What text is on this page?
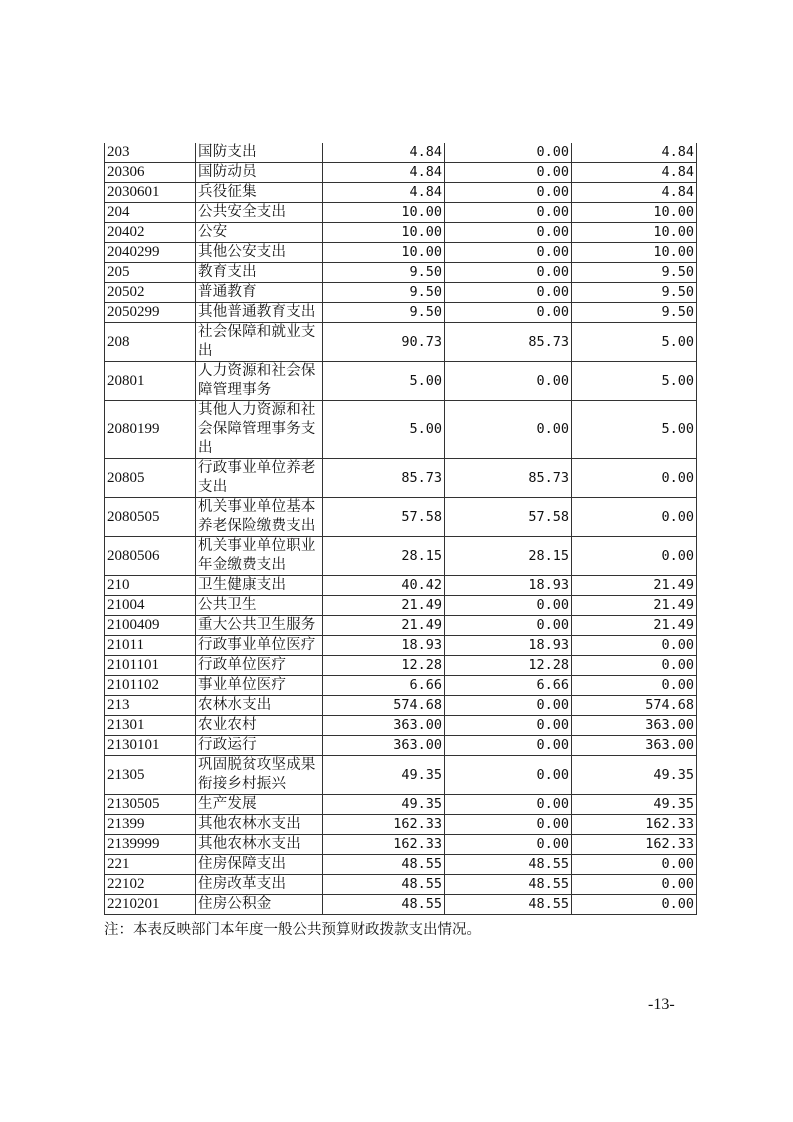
203	国防支出	4.84	0.00	4.84
20306	国防动员	4.84	0.00	4.84
2030601	兵役征集	4.84	0.00	4.84
204	公共安全支出	10.00	0.00	10.00
20402	公安	10.00	0.00	10.00
2040299	其他公安支出	10.00	0.00	10.00
205	教育支出	9.50	0.00	9.50
20502	普通教育	9.50	0.00	9.50
2050299	其他普通教育支出	9.50	0.00	9.50
208	社会保障和就业支出	90.73	85.73	5.00
20801	人力资源和社会保障管理事务	5.00	0.00	5.00
2080199	其他人力资源和社会保障管理事务支出	5.00	0.00	5.00
20805	行政事业单位养老支出	85.73	85.73	0.00
2080505	机关事业单位基本养老保险缴费支出	57.58	57.58	0.00
2080506	机关事业单位职业年金缴费支出	28.15	28.15	0.00
210	卫生健康支出	40.42	18.93	21.49
21004	公共卫生	21.49	0.00	21.49
2100409	重大公共卫生服务	21.49	0.00	21.49
21011	行政事业单位医疗	18.93	18.93	0.00
2101101	行政单位医疗	12.28	12.28	0.00
2101102	事业单位医疗	6.66	6.66	0.00
213	农林水支出	574.68	0.00	574.68
21301	农业农村	363.00	0.00	363.00
2130101	行政运行	363.00	0.00	363.00
21305	巩固脱贫攻坚成果衔接乡村振兴	49.35	0.00	49.35
2130505	生产发展	49.35	0.00	49.35
21399	其他农林水支出	162.33	0.00	162.33
2139999	其他农林水支出	162.33	0.00	162.33
221	住房保障支出	48.55	48.55	0.00
22102	住房改革支出	48.55	48.55	0.00
2210201	住房公积金	48.55	48.55	0.00
注：本表反映部门本年度一般公共预算财政拨款支出情况。
-13-
